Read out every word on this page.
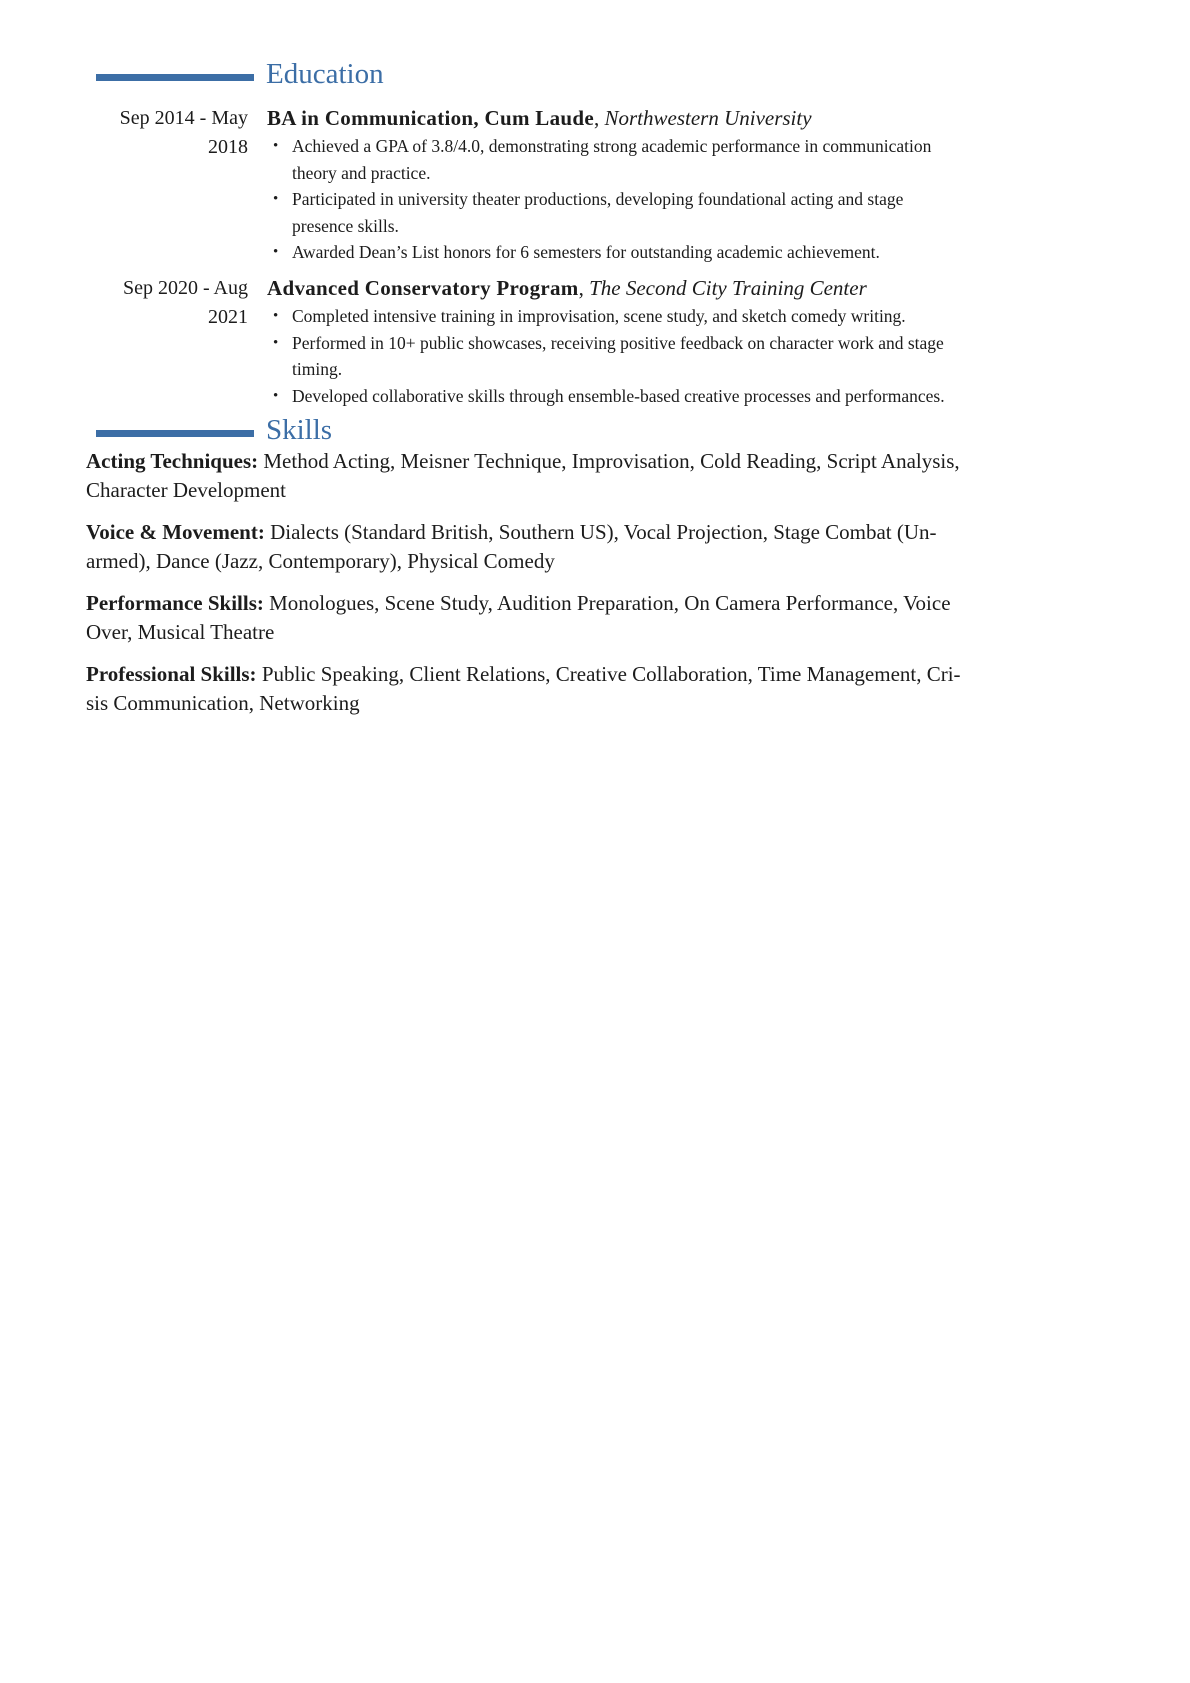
Education
Sep 2014 - May
2018
BA in Communication, Cum Laude, Northwestern University
• Achieved a GPA of 3.8/4.0, demonstrating strong academic performance in communication
theory and practice.
• Participated in university theater productions, developing foundational acting and stage
presence skills.
• Awarded Dean’s List honors for 6 semesters for outstanding academic achievement.
Sep 2020 - Aug
2021
Advanced Conservatory Program, The Second City Training Center
• Completed intensive training in improvisation, scene study, and sketch comedy writing.
• Performed in 10+ public showcases, receiving positive feedback on character work and stage
timing.
• Developed collaborative skills through ensemble-based creative processes and performances.
Skills
Acting Techniques: Method Acting, Meisner Technique, Improvisation, Cold Reading, Script Analysis,
Character Development
Voice & Movement: Dialects (Standard British, Southern US), Vocal Projection, Stage Combat (Un-
armed), Dance (Jazz, Contemporary), Physical Comedy
Performance Skills: Monologues, Scene Study, Audition Preparation, On Camera Performance, Voice
Over, Musical Theatre
Professional Skills: Public Speaking, Client Relations, Creative Collaboration, Time Management, Cri-
sis Communication, Networking
